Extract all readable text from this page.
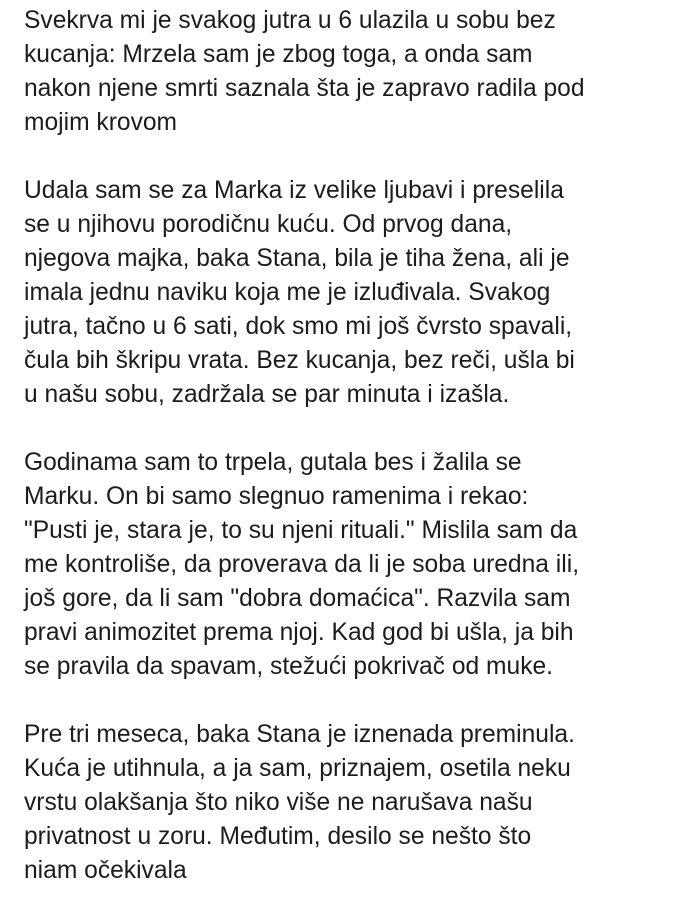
Svekrva mi je svakog jutra u 6 ulazila u sobu bez
kucanja: Mrzela sam je zbog toga, a onda sam
nakon njene smrti saznala šta je zapravo radila pod
mojim krovom
Udala sam se za Marka iz velike ljubavi i preselila
se u njihovu porodičnu kuću. Od prvog dana,
njegova majka, baka Stana, bila je tiha žena, ali je
imala jednu naviku koja me je izluđivala. Svakog
jutra, tačno u 6 sati, dok smo mi još čvrsto spavali,
čula bih škripu vrata. Bez kucanja, bez reči, ušla bi
u našu sobu, zadržala se par minuta i izašla.
Godinama sam to trpela, gutala bes i žalila se
Marku. On bi samo slegnuo ramenima i rekao:
"Pusti je, stara je, to su njeni rituali." Mislila sam da
me kontroliše, da proverava da li je soba uredna ili,
još gore, da li sam "dobra domaćica". Razvila sam
pravi animozitet prema njoj. Kad god bi ušla, ja bih
se pravila da spavam, stežući pokrivač od muke.
Pre tri meseca, baka Stana je iznenada preminula.
Kuća je utihnula, a ja sam, priznajem, osetila neku
vrstu olakšanja što niko više ne narušava našu
privatnost u zoru. Međutim, desilo se nešto što
niam očekivala
